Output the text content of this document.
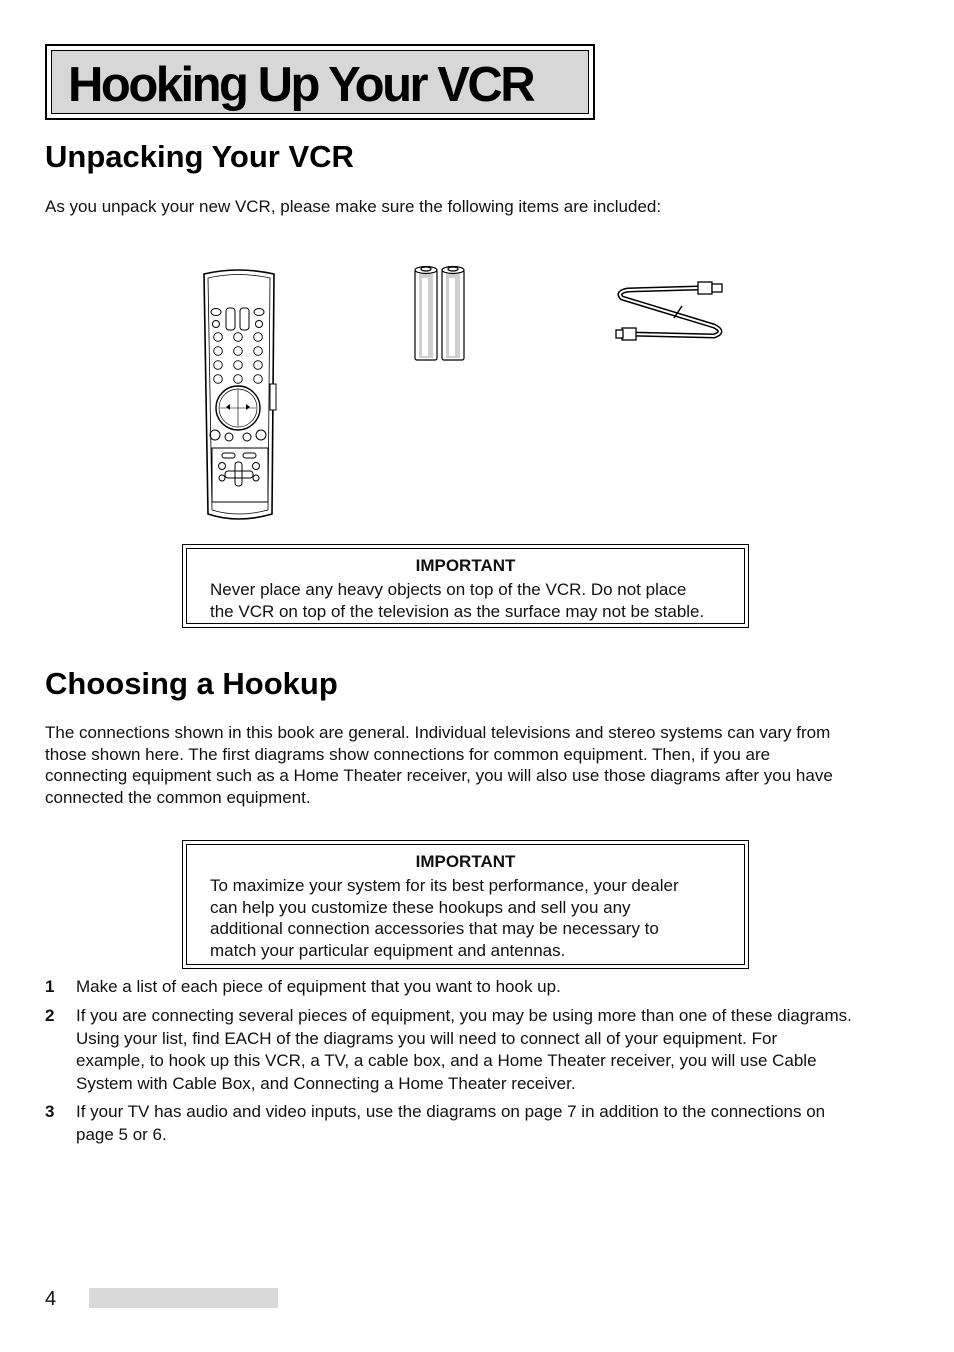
Hooking Up Your VCR
Unpacking Your VCR
As you unpack your new VCR, please make sure the following items are included:
IMPORTANT
Never place any heavy objects on top of the VCR. Do not place
the VCR on top of the television as the surface may not be stable.
Choosing a Hookup
The connections shown in this book are general. Individual televisions and stereo systems can vary from
those shown here. The first diagrams show connections for common equipment. Then, if you are
connecting equipment such as a Home Theater receiver, you will also use those diagrams after you have
connected the common equipment.
IMPORTANT
To maximize your system for its best performance, your dealer
can help you customize these hookups and sell you any
additional connection accessories that may be necessary to
match your particular equipment and antennas.
1 Make a list of each piece of equipment that you want to hook up.
2 If you are connecting several pieces of equipment, you may be using more than one of these diagrams.
Using your list, find EACH of the diagrams you will need to connect all of your equipment. For
example, to hook up this VCR, a TV, a cable box, and a Home Theater receiver, you will use Cable
System with Cable Box, and Connecting a Home Theater receiver.
3 If your TV has audio and video inputs, use the diagrams on page 7 in addition to the connections on
page 5 or 6.
4
